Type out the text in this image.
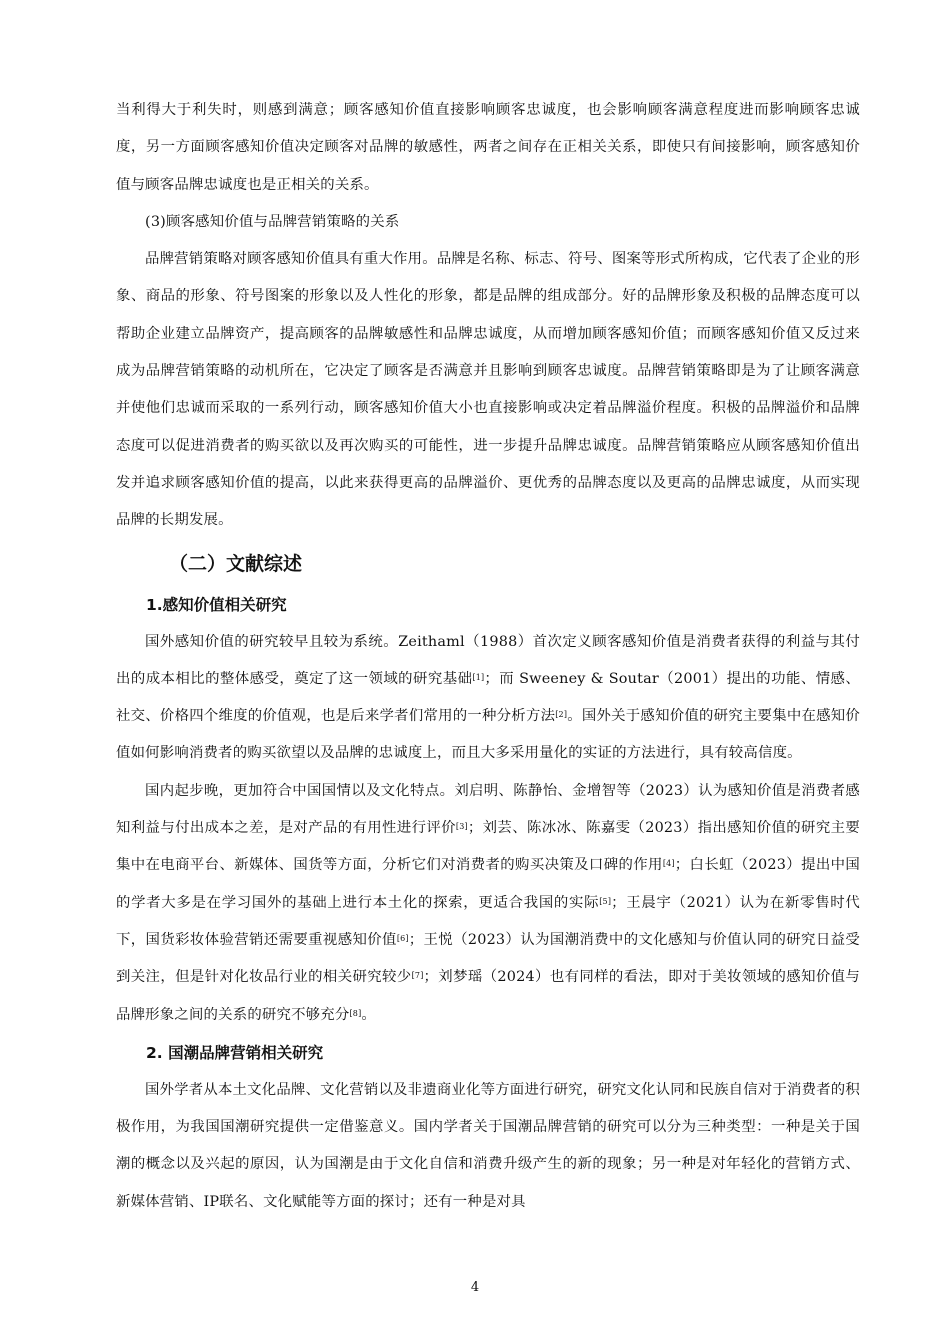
当利得大于利失时，则感到满意；顾客感知价值直接影响顾客忠诚度，也会影响顾客满意程度进而影响顾客忠诚度，另一方面顾客感知价值决定顾客对品牌的敏感性，两者之间存在正相关关系，即使只有间接影响，顾客感知价值与顾客品牌忠诚度也是正相关的关系。

(3)顾客感知价值与品牌营销策略的关系

品牌营销策略对顾客感知价值具有重大作用。品牌是名称、标志、符号、图案等形式所构成，它代表了企业的形象、商品的形象、符号图案的形象以及人性化的形象，都是品牌的组成部分。好的品牌形象及积极的品牌态度可以帮助企业建立品牌资产，提高顾客的品牌敏感性和品牌忠诚度，从而增加顾客感知价值；而顾客感知价值又反过来成为品牌营销策略的动机所在，它决定了顾客是否满意并且影响到顾客忠诚度。品牌营销策略即是为了让顾客满意并使他们忠诚而采取的一系列行动，顾客感知价值大小也直接影响或决定着品牌溢价程度。积极的品牌溢价和品牌态度可以促进消费者的购买欲以及再次购买的可能性，进一步提升品牌忠诚度。品牌营销策略应从顾客感知价值出发并追求顾客感知价值的提高，以此来获得更高的品牌溢价、更优秀的品牌态度以及更高的品牌忠诚度，从而实现品牌的长期发展。

（二）文献综述
1.感知价值相关研究

国外感知价值的研究较早且较为系统。Zeithaml（1988）首次定义顾客感知价值是消费者获得的利益与其付出的成本相比的整体感受，奠定了这一领域的研究基础[1]；而 Sweeney & Soutar（2001）提出的功能、情感、社交、价格四个维度的价值观，也是后来学者们常用的一种分析方法[2]。国外关于感知价值的研究主要集中在感知价值如何影响消费者的购买欲望以及品牌的忠诚度上，而且大多采用量化的实证的方法进行，具有较高信度。

国内起步晚，更加符合中国国情以及文化特点。刘启明、陈静怡、金增智等（2023）认为感知价值是消费者感知利益与付出成本之差，是对产品的有用性进行评价[3]；刘芸、陈冰冰、陈嘉雯（2023）指出感知价值的研究主要集中在电商平台、新媒体、国货等方面，分析它们对消费者的购买决策及口碑的作用[4]；白长虹（2023）提出中国的学者大多是在学习国外的基础上进行本土化的探索，更适合我国的实际[5]；王晨宇（2021）认为在新零售时代下，国货彩妆体验营销还需要重视感知价值[6]；王悦（2023）认为国潮消费中的文化感知与价值认同的研究日益受到关注，但是针对化妆品行业的相关研究较少[7]；刘梦瑶（2024）也有同样的看法，即对于美妆领域的感知价值与品牌形象之间的关系的研究不够充分[8]。

2. 国潮品牌营销相关研究

国外学者从本土文化品牌、文化营销以及非遗商业化等方面进行研究，研究文化认同和民族自信对于消费者的积极作用，为我国国潮研究提供一定借鉴意义。国内学者关于国潮品牌营销的研究可以分为三种类型：一种是关于国潮的概念以及兴起的原因，认为国潮是由于文化自信和消费升级产生的新的现象；另一种是对年轻化的营销方式、新媒体营销、IP联名、文化赋能等方面的探讨；还有一种是对具

4
